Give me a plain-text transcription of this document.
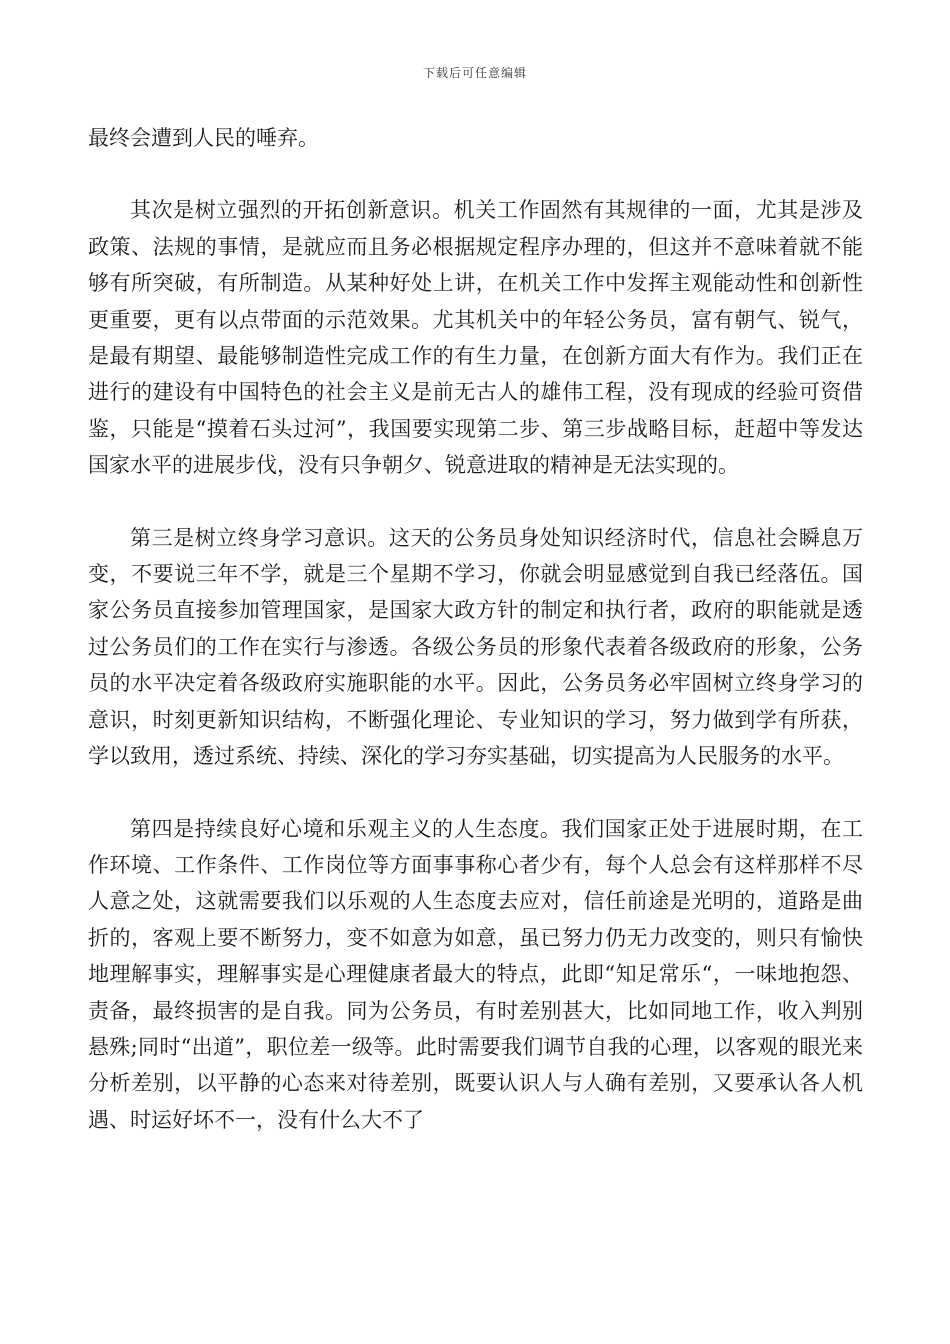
下载后可任意编辑

最终会遭到人民的唾弃。

其次是树立强烈的开拓创新意识。机关工作固然有其规律的一面，尤其是涉及政策、法规的事情，是就应而且务必根据规定程序办理的，但这并不意味着就不能够有所突破，有所制造。从某种好处上讲，在机关工作中发挥主观能动性和创新性更重要，更有以点带面的示范效果。尤其机关中的年轻公务员，富有朝气、锐气，是最有期望、最能够制造性完成工作的有生力量，在创新方面大有作为。我们正在进行的建设有中国特色的社会主义是前无古人的雄伟工程，没有现成的经验可资借鉴，只能是“摸着石头过河”，我国要实现第二步、第三步战略目标，赶超中等发达国家水平的进展步伐，没有只争朝夕、锐意进取的精神是无法实现的。

第三是树立终身学习意识。这天的公务员身处知识经济时代，信息社会瞬息万变，不要说三年不学，就是三个星期不学习，你就会明显感觉到自我已经落伍。国家公务员直接参加管理国家，是国家大政方针的制定和执行者，政府的职能就是透过公务员们的工作在实行与渗透。各级公务员的形象代表着各级政府的形象，公务员的水平决定着各级政府实施职能的水平。因此，公务员务必牢固树立终身学习的意识，时刻更新知识结构，不断强化理论、专业知识的学习，努力做到学有所获，学以致用，透过系统、持续、深化的学习夯实基础，切实提高为人民服务的水平。

第四是持续良好心境和乐观主义的人生态度。我们国家正处于进展时期，在工作环境、工作条件、工作岗位等方面事事称心者少有，每个人总会有这样那样不尽人意之处，这就需要我们以乐观的人生态度去应对，信任前途是光明的，道路是曲折的，客观上要不断努力，变不如意为如意，虽已努力仍无力改变的，则只有愉快地理解事实，理解事实是心理健康者最大的特点，此即“知足常乐“，一味地抱怨、责备，最终损害的是自我。同为公务员，有时差别甚大，比如同地工作，收入判别悬殊;同时“出道”，职位差一级等。此时需要我们调节自我的心理，以客观的眼光来分析差别，以平静的心态来对待差别，既要认识人与人确有差别，又要承认各人机遇、时运好坏不一，没有什么大不了
